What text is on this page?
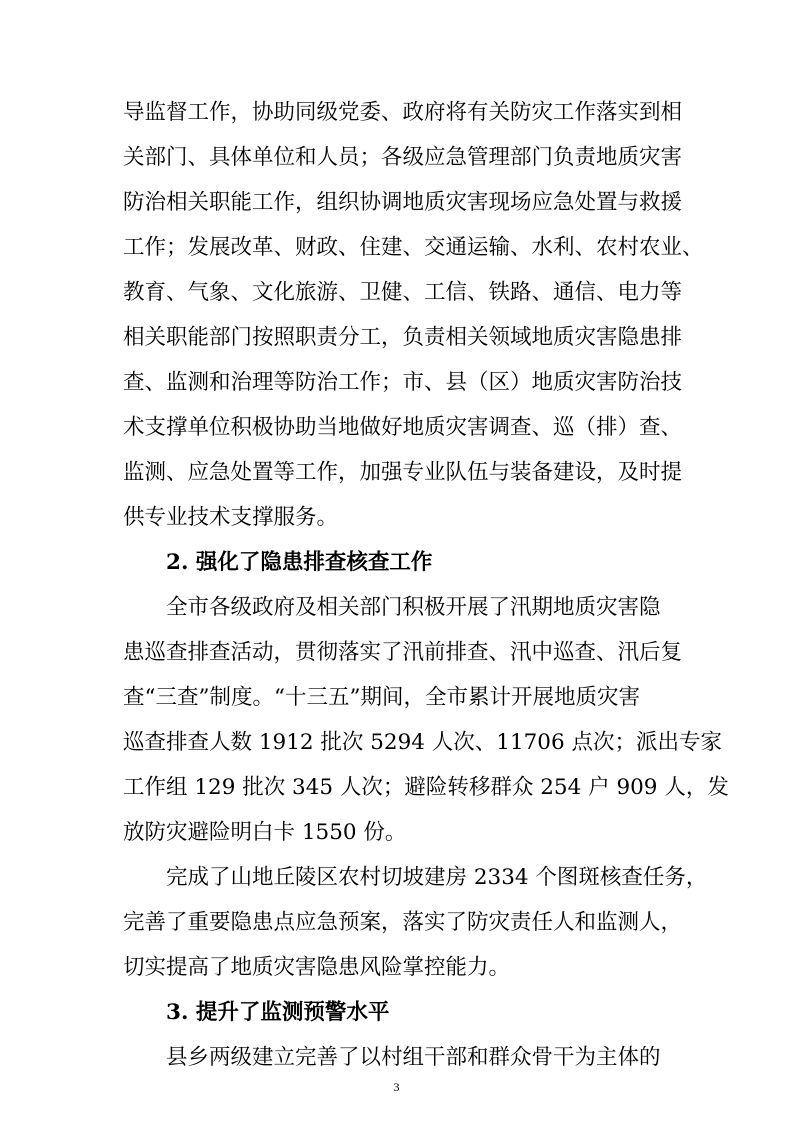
导监督工作，协助同级党委、政府将有关防灾工作落实到相
关部门、具体单位和人员；各级应急管理部门负责地质灾害
防治相关职能工作，组织协调地质灾害现场应急处置与救援
工作；发展改革、财政、住建、交通运输、水利、农村农业、
教育、气象、文化旅游、卫健、工信、铁路、通信、电力等
相关职能部门按照职责分工，负责相关领域地质灾害隐患排
查、监测和治理等防治工作；市、县（区）地质灾害防治技
术支撑单位积极协助当地做好地质灾害调查、巡（排）查、
监测、应急处置等工作，加强专业队伍与装备建设，及时提
供专业技术支撑服务。
2. 强化了隐患排查核查工作
全市各级政府及相关部门积极开展了汛期地质灾害隐
患巡查排查活动，贯彻落实了汛前排查、汛中巡查、汛后复
查“三查”制度。“十三五”期间，全市累计开展地质灾害
巡查排查人数 1912 批次 5294 人次、11706 点次；派出专家
工作组 129 批次 345 人次；避险转移群众 254 户 909 人，发
放防灾避险明白卡 1550 份。
完成了山地丘陵区农村切坡建房 2334 个图斑核查任务，
完善了重要隐患点应急预案，落实了防灾责任人和监测人，
切实提高了地质灾害隐患风险掌控能力。
3. 提升了监测预警水平
县乡两级建立完善了以村组干部和群众骨干为主体的
3
